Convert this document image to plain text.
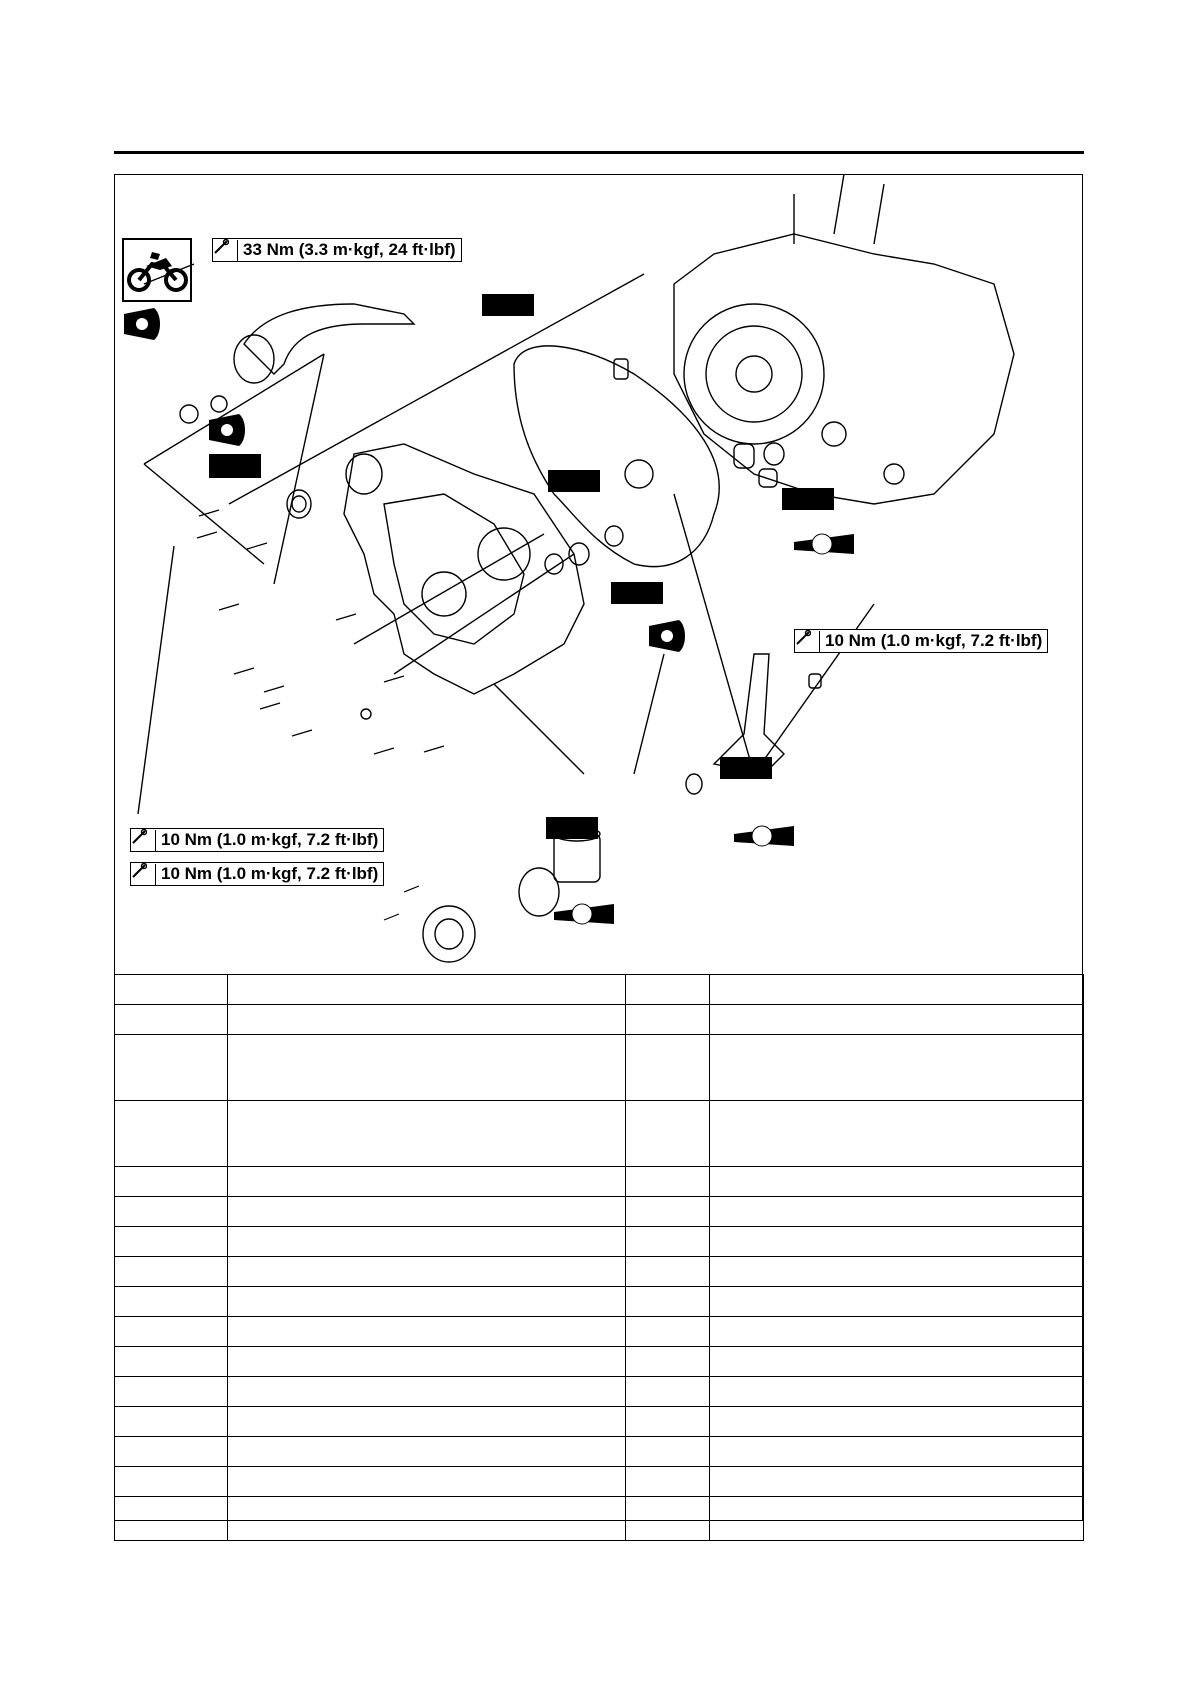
33 Nm (3.3 m·kgf, 24 ft·lbf)
10 Nm (1.0 m·kgf, 7.2 ft·lbf)
10 Nm (1.0 m·kgf, 7.2 ft·lbf)
10 Nm (1.0 m·kgf, 7.2 ft·lbf)
